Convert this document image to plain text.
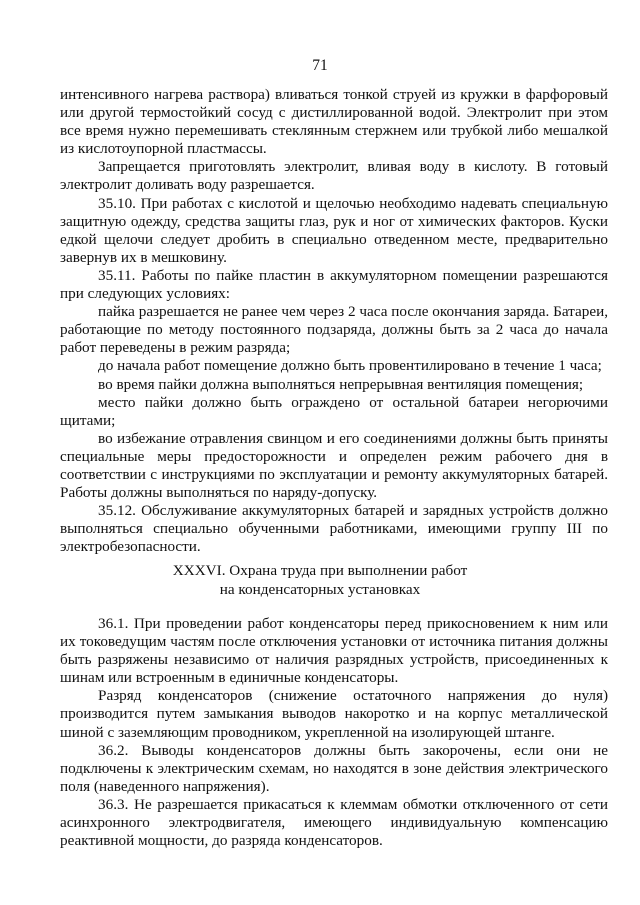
71
интенсивного нагрева раствора) вливаться тонкой струей из кружки в фарфоровый
или другой термостойкий сосуд с дистиллированной водой. Электролит при этом
все время нужно перемешивать стеклянным стержнем или трубкой либо мешалкой
из кислотоупорной пластмассы.
Запрещается приготовлять электролит, вливая воду в кислоту. В готовый
электролит доливать воду разрешается.
35.10. При работах с кислотой и щелочью необходимо надевать специальную
защитную одежду, средства защиты глаз, рук и ног от химических факторов. Куски
едкой щелочи следует дробить в специально отведенном месте, предварительно
завернув их в мешковину.
35.11. Работы по пайке пластин в аккумуляторном помещении разрешаются
при следующих условиях:
пайка разрешается не ранее чем через 2 часа после окончания заряда. Батареи,
работающие по методу постоянного подзаряда, должны быть за 2 часа до начала
работ переведены в режим разряда;
до начала работ помещение должно быть провентилировано в течение 1 часа;
во время пайки должна выполняться непрерывная вентиляция помещения;
место пайки должно быть ограждено от остальной батареи негорючими
щитами;
во избежание отравления свинцом и его соединениями должны быть приняты
специальные меры предосторожности и определен режим рабочего дня в
соответствии с инструкциями по эксплуатации и ремонту аккумуляторных батарей.
Работы должны выполняться по наряду-допуску.
35.12. Обслуживание аккумуляторных батарей и зарядных устройств должно
выполняться специально обученными работниками, имеющими группу III по
электробезопасности.
XXXVI. Охрана труда при выполнении работ
на конденсаторных установках
36.1. При проведении работ конденсаторы перед прикосновением к ним или
их токоведущим частям после отключения установки от источника питания должны
быть разряжены независимо от наличия разрядных устройств, присоединенных к
шинам или встроенным в единичные конденсаторы.
Разряд конденсаторов (снижение остаточного напряжения до нуля)
производится путем замыкания выводов накоротко и на корпус металлической
шиной с заземляющим проводником, укрепленной на изолирующей штанге.
36.2. Выводы конденсаторов должны быть закорочены, если они не
подключены к электрическим схемам, но находятся в зоне действия электрического
поля (наведенного напряжения).
36.3. Не разрешается прикасаться к клеммам обмотки отключенного от сети
асинхронного электродвигателя, имеющего индивидуальную компенсацию
реактивной мощности, до разряда конденсаторов.
